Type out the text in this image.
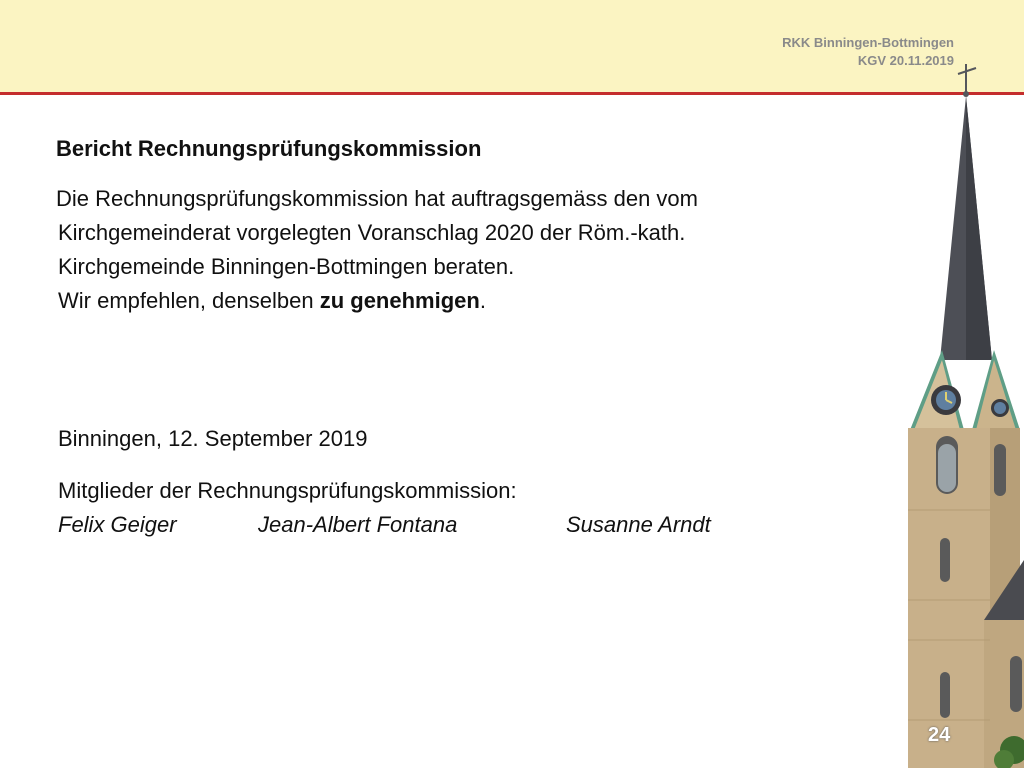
RKK Binningen-Bottmingen
KGV 20.11.2019
Bericht Rechnungsprüfungskommission
Die Rechnungsprüfungskommission hat auftragsgemäss den vom
Kirchgemeinderat vorgelegten Voranschlag 2020 der Röm.-kath.
Kirchgemeinde Binningen-Bottmingen beraten.
Wir empfehlen, denselben zu genehmigen.
Binningen, 12. September 2019
Mitglieder der Rechnungsprüfungskommission:
Felix Geiger	Jean-Albert Fontana	Susanne Arndt
24
